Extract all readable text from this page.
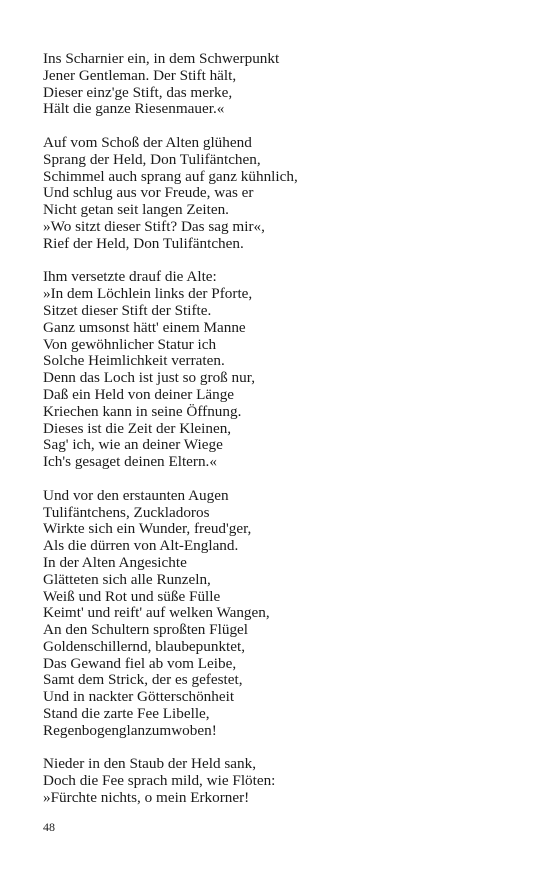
Ins Scharnier ein, in dem Schwerpunkt
Jener Gentleman. Der Stift hält,
Dieser einz'ge Stift, das merke,
Hält die ganze Riesenmauer.«
Auf vom Schoß der Alten glühend
Sprang der Held, Don Tulifäntchen,
Schimmel auch sprang auf ganz kühnlich,
Und schlug aus vor Freude, was er
Nicht getan seit langen Zeiten.
»Wo sitzt dieser Stift? Das sag mir«,
Rief der Held, Don Tulifäntchen.
Ihm versetzte drauf die Alte:
»In dem Löchlein links der Pforte,
Sitzet dieser Stift der Stifte.
Ganz umsonst hätt' einem Manne
Von gewöhnlicher Statur ich
Solche Heimlichkeit verraten.
Denn das Loch ist just so groß nur,
Daß ein Held von deiner Länge
Kriechen kann in seine Öffnung.
Dieses ist die Zeit der Kleinen,
Sag' ich, wie an deiner Wiege
Ich's gesaget deinen Eltern.«
Und vor den erstaunten Augen
Tulifäntchens, Zuckladoros
Wirkte sich ein Wunder, freud'ger,
Als die dürren von Alt-England.
In der Alten Angesichte
Glätteten sich alle Runzeln,
Weiß und Rot und süße Fülle
Keimt' und reift' auf welken Wangen,
An den Schultern sproßten Flügel
Goldenschillernd, blaubepunktet,
Das Gewand fiel ab vom Leibe,
Samt dem Strick, der es gefestet,
Und in nackter Götterschönheit
Stand die zarte Fee Libelle,
Regenbogenglanzumwoben!
Nieder in den Staub der Held sank,
Doch die Fee sprach mild, wie Flöten:
»Fürchte nichts, o mein Erkorner!
48
